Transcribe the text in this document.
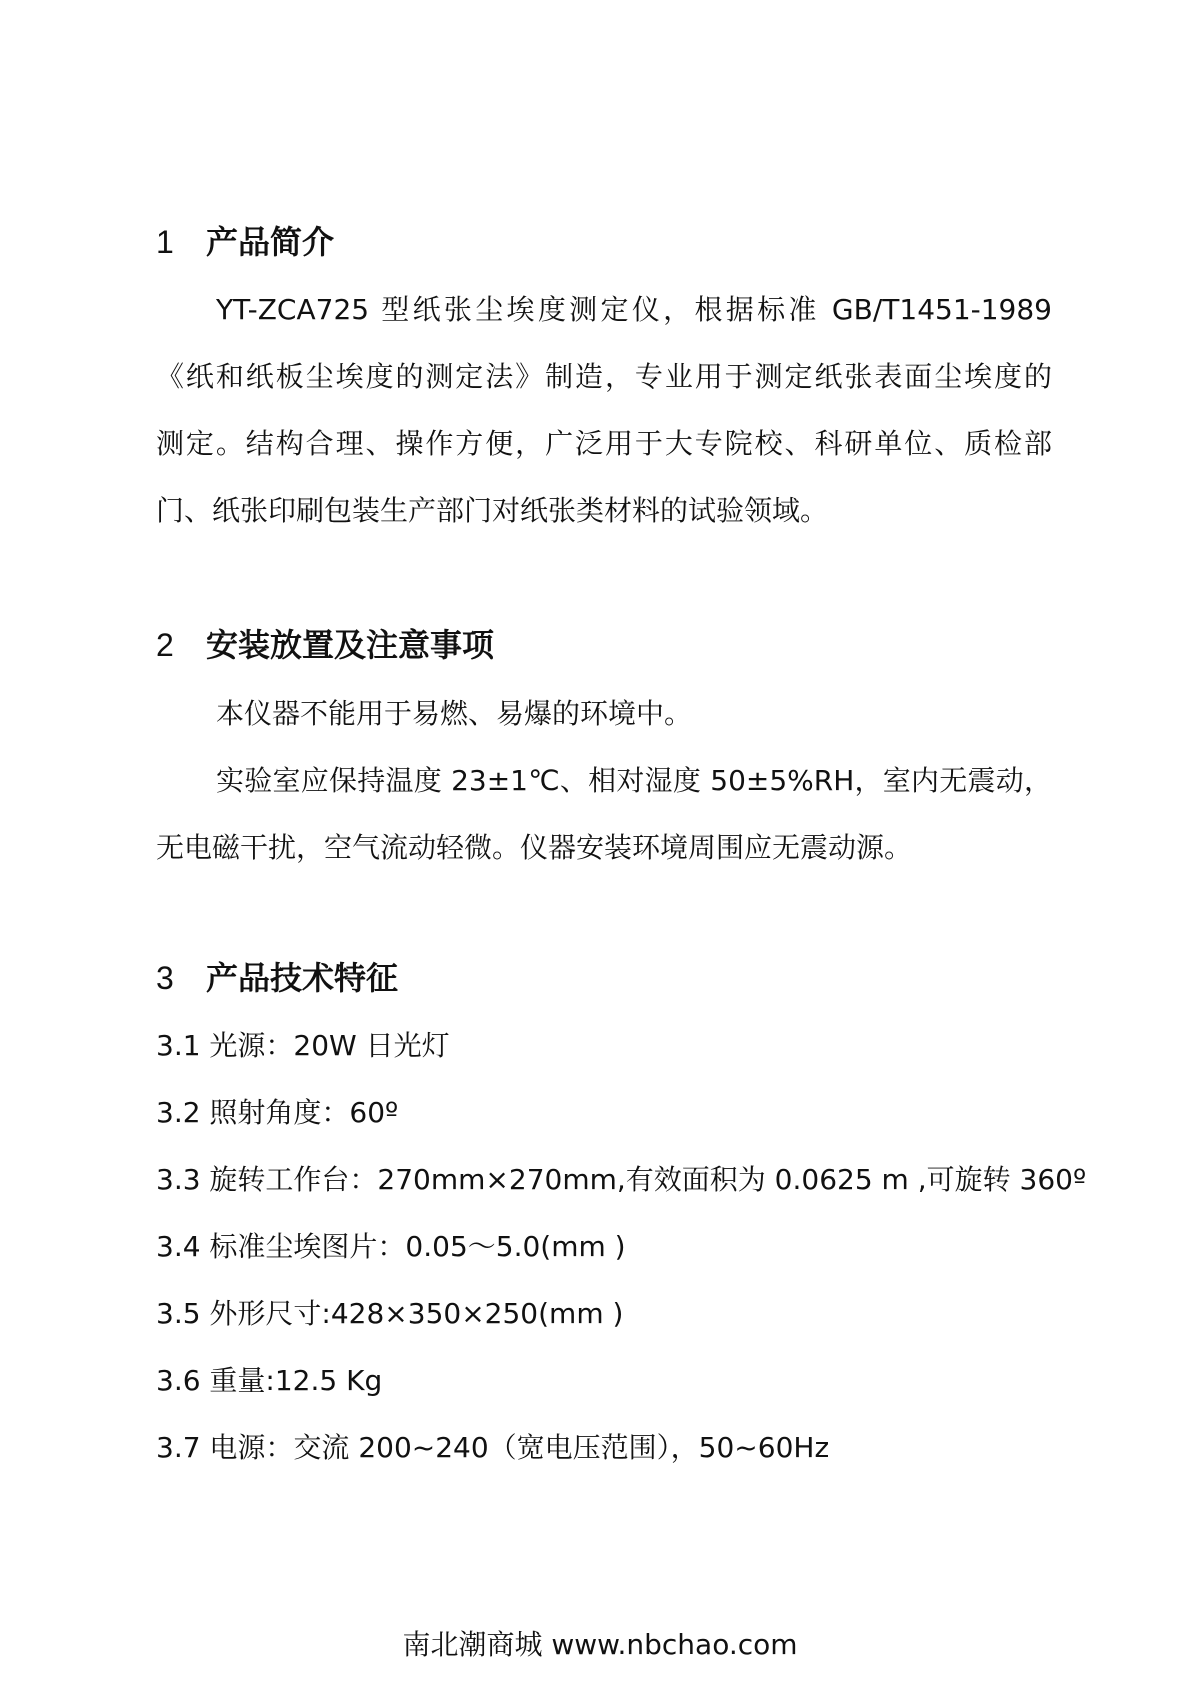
1 产品简介
YT-ZCA725 型纸张尘埃度测定仪，根据标准 GB/T1451-1989
《纸和纸板尘埃度的测定法》制造，专业用于测定纸张表面尘埃度的
测定。结构合理、操作方便，广泛用于大专院校、科研单位、质检部
门、纸张印刷包装生产部门对纸张类材料的试验领域。
2 安装放置及注意事项
本仪器不能用于易燃、易爆的环境中。
实验室应保持温度 23±1℃、相对湿度 50±5%RH，室内无震动，
无电磁干扰，空气流动轻微。仪器安装环境周围应无震动源。
3 产品技术特征
3.1 光源：20W 日光灯
3.2 照射角度：60º
3.3 旋转工作台：270mm×270mm,有效面积为 0.0625 m ,可旋转 360º
3.4 标准尘埃图片：0.05～5.0(mm )
3.5 外形尺寸:428×350×250(mm )
3.6 重量:12.5 Kg
3.7 电源：交流 200~240（宽电压范围），50~60Hz
南北潮商城 www.nbchao.com
